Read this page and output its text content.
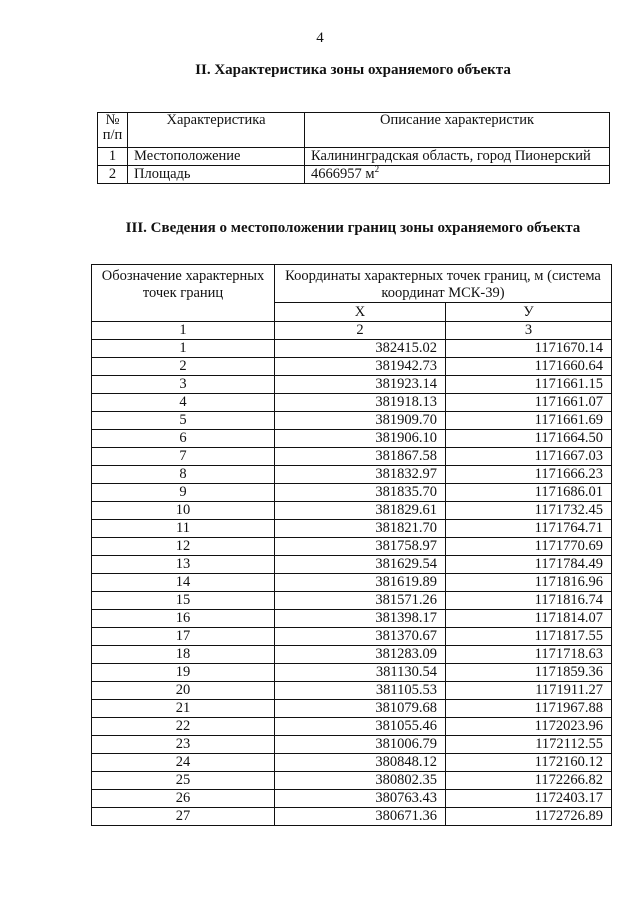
4
II. Характеристика зоны охраняемого объекта
№ п/п	Характеристика	Описание характеристик
1	Местоположение	Калининградская область, город Пионерский
2	Площадь	4666957 $м^2$
III. Сведения о местоположении границ зоны охраняемого объекта
Обозначение характерных точек границ	Координаты характерных точек границ, м (система координат МСК-39)	
	X	У
1	2	3
1	382415.02	1171670.14
2	381942.73	1171660.64
3	381923.14	1171661.15
4	381918.13	1171661.07
5	381909.70	1171661.69
6	381906.10	1171664.50
7	381867.58	1171667.03
8	381832.97	1171666.23
9	381835.70	1171686.01
10	381829.61	1171732.45
11	381821.70	1171764.71
12	381758.97	1171770.69
13	381629.54	1171784.49
14	381619.89	1171816.96
15	381571.26	1171816.74
16	381398.17	1171814.07
17	381370.67	1171817.55
18	381283.09	1171718.63
19	381130.54	1171859.36
20	381105.53	1171911.27
21	381079.68	1171967.88
22	381055.46	1172023.96
23	381006.79	1172112.55
24	380848.12	1172160.12
25	380802.35	1172266.82
26	380763.43	1172403.17
27	380671.36	1172726.89
